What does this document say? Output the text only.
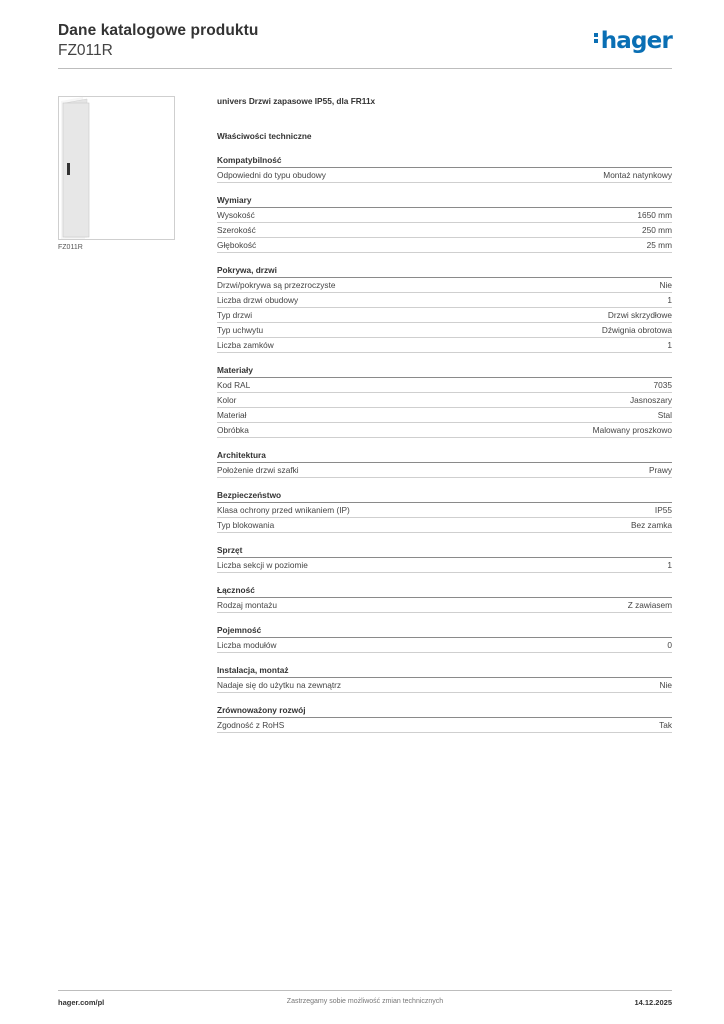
Dane katalogowe produktu
FZ011R	hager
FZ011R
univers Drzwi zapasowe IP55, dla FR11x
Właściwości techniczne
Kompatybilność
Odpowiedni do typu obudowy	Montaż natynkowy
Wymiary
Wysokość	1650 mm
Szerokość	250 mm
Głębokość	25 mm
Pokrywa, drzwi
Drzwi/pokrywa są przezroczyste	Nie
Liczba drzwi obudowy	1
Typ drzwi	Drzwi skrzydłowe
Typ uchwytu	Dźwignia obrotowa
Liczba zamków	1
Materiały
Kod RAL	7035
Kolor	Jasnoszary
Materiał	Stal
Obróbka	Malowany proszkowo
Architektura
Położenie drzwi szafki	Prawy
Bezpieczeństwo
Klasa ochrony przed wnikaniem (IP)	IP55
Typ blokowania	Bez zamka
Sprzęt
Liczba sekcji w poziomie	1
Łączność
Rodzaj montażu	Z zawiasem
Pojemność
Liczba modułów	0
Instalacja, montaż
Nadaje się do użytku na zewnątrz	Nie
Zrównoważony rozwój
Zgodność z RoHS	Tak
hager.com/pl	Zastrzegamy sobie możliwość zmian technicznych	14.12.2025
